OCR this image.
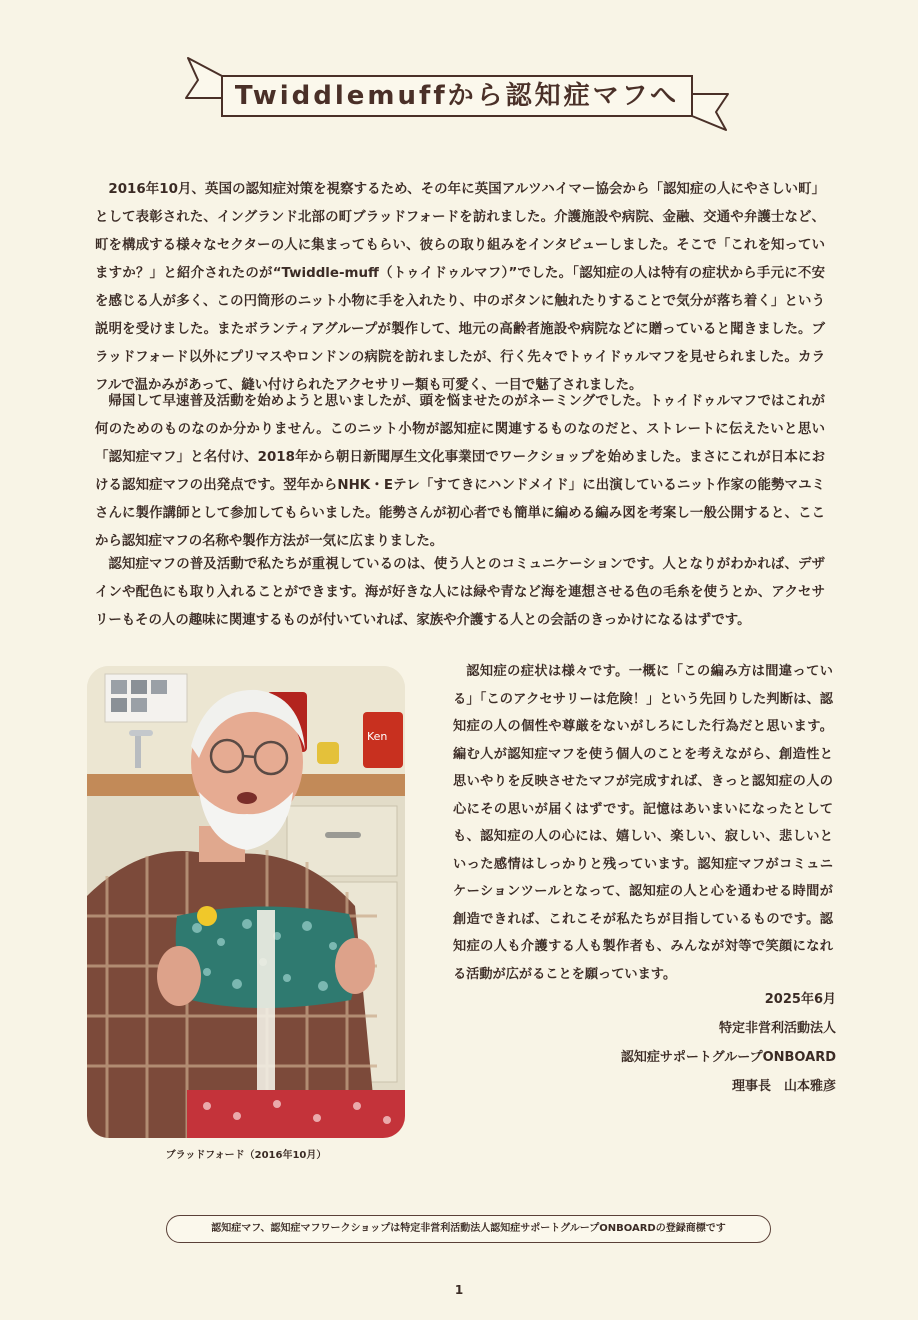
Twiddlemuffから認知症マフへ

2016年10月、英国の認知症対策を視察するため、その年に英国アルツハイマー協会から「認知症の人にやさしい町」として表彰された、イングランド北部の町ブラッドフォードを訪れました。介護施設や病院、金融、交通や弁護士など、町を構成する様々なセクターの人に集まってもらい、彼らの取り組みをインタビューしました。そこで「これを知っていますか？」と紹介されたのが“Twiddle-muff（トゥイドゥルマフ）”でした。「認知症の人は特有の症状から手元に不安を感じる人が多く、この円筒形のニット小物に手を入れたり、中のボタンに触れたりすることで気分が落ち着く」という説明を受けました。またボランティアグループが製作して、地元の高齢者施設や病院などに贈っていると聞きました。ブラッドフォード以外にプリマスやロンドンの病院を訪れましたが、行く先々でトゥイドゥルマフを見せられました。カラフルで温かみがあって、縫い付けられたアクセサリー類も可愛く、一目で魅了されました。

帰国して早速普及活動を始めようと思いましたが、頭を悩ませたのがネーミングでした。トゥイドゥルマフではこれが何のためのものなのか分かりません。このニット小物が認知症に関連するものなのだと、ストレートに伝えたいと思い「認知症マフ」と名付け、2018年から朝日新聞厚生文化事業団でワークショップを始めました。まさにこれが日本における認知症マフの出発点です。翌年からNHK・Eテレ「すてきにハンドメイド」に出演しているニット作家の能勢マユミさんに製作講師として参加してもらいました。能勢さんが初心者でも簡単に編める編み図を考案し一般公開すると、ここから認知症マフの名称や製作方法が一気に広まりました。

認知症マフの普及活動で私たちが重視しているのは、使う人とのコミュニケーションです。人となりがわかれば、デザインや配色にも取り入れることができます。海が好きな人には緑や青など海を連想させる色の毛糸を使うとか、アクセサリーもその人の趣味に関連するものが付いていれば、家族や介護する人との会話のきっかけになるはずです。

Ken
ブラッドフォード（2016年10月）

認知症の症状は様々です。一概に「この編み方は間違っている」「このアクセサリーは危険！」という先回りした判断は、認知症の人の個性や尊厳をないがしろにした行為だと思います。編む人が認知症マフを使う個人のことを考えながら、創造性と思いやりを反映させたマフが完成すれば、きっと認知症の人の心にその思いが届くはずです。記憶はあいまいになったとしても、認知症の人の心には、嬉しい、楽しい、寂しい、悲しいといった感情はしっかりと残っています。認知症マフがコミュニケーションツールとなって、認知症の人と心を通わせる時間が創造できれば、これこそが私たちが目指しているものです。認知症の人も介護する人も製作者も、みんなが対等で笑顔になれる活動が広がることを願っています。

2025年6月
特定非営利活動法人
認知症サポートグループONBOARD
理事長　山本雅彦
認知症マフ、認知症マフワークショップは特定非営利活動法人認知症サポートグループONBOARDの登録商標です
1
